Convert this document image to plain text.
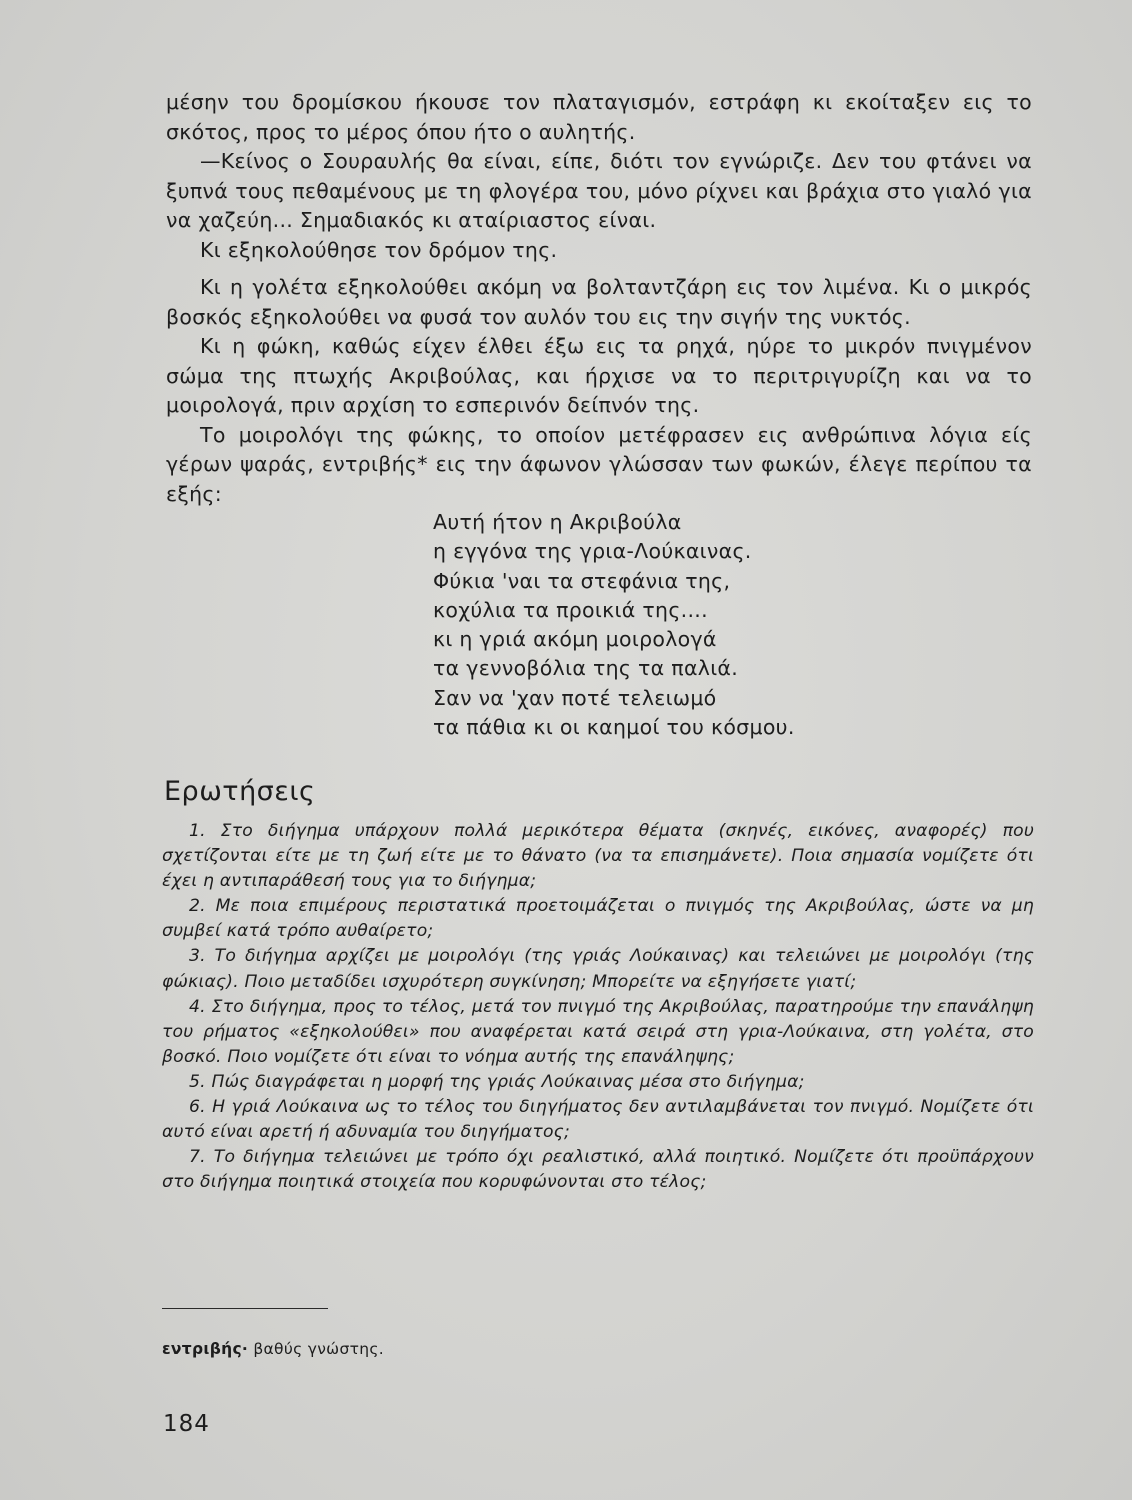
μέσην του δρομίσκου ήκουσε τον πλαταγισμόν, εστράφη κι εκοίταξεν εις το σκότος, προς το μέρος όπου ήτο ο αυλητής.

—Κείνος ο Σουραυλής θα είναι, είπε, διότι τον εγνώριζε. Δεν του φτάνει να ξυπνά τους πεθαμένους με τη φλογέρα του, μόνο ρίχνει και βράχια στο γιαλό για να χαζεύη... Σημαδιακός κι αταίριαστος είναι.

Κι εξηκολούθησε τον δρόμον της.

Κι η γολέτα εξηκολούθει ακόμη να βολταντζάρη εις τον λιμένα. Κι ο μικρός βοσκός εξηκολούθει να φυσά τον αυλόν του εις την σιγήν της νυκτός.

Κι η φώκη, καθώς είχεν έλθει έξω εις τα ρηχά, ηύρε το μικρόν πνιγμένον σώμα της πτωχής Ακριβούλας, και ήρχισε να το περιτριγυρίζη και να το μοιρολογά, πριν αρχίση το εσπερινόν δείπνόν της.

Το μοιρολόγι της φώκης, το οποίον μετέφρασεν εις ανθρώπινα λόγια είς γέρων ψαράς, εντριβής* εις την άφωνον γλώσσαν των φωκών, έλεγε περίπου τα εξής:

Αυτή ήτον η Ακριβούλα
η εγγόνα της γρια-Λούκαινας.
Φύκια 'ναι τα στεφάνια της,
κοχύλια τα προικιά της....
κι η γριά ακόμη μοιρολογά
τα γεννοβόλια της τα παλιά.
Σαν να 'χαν ποτέ τελειωμό
τα πάθια κι οι καημοί του κόσμου.
Ερωτήσεις

1. Στο διήγημα υπάρχουν πολλά μερικότερα θέματα (σκηνές, εικόνες, αναφορές) που σχετίζονται είτε με τη ζωή είτε με το θάνατο (να τα επισημάνετε). Ποια σημασία νομίζετε ότι έχει η αντιπαράθεσή τους για το διήγημα;

2. Με ποια επιμέρους περιστατικά προετοιμάζεται ο πνιγμός της Ακριβούλας, ώστε να μη συμβεί κατά τρόπο αυθαίρετο;

3. Το διήγημα αρχίζει με μοιρολόγι (της γριάς Λούκαινας) και τελειώνει με μοιρολόγι (της φώκιας). Ποιο μεταδίδει ισχυρότερη συγκίνηση; Μπορείτε να εξηγήσετε γιατί;

4. Στο διήγημα, προς το τέλος, μετά τον πνιγμό της Ακριβούλας, παρατηρούμε την επανάληψη του ρήματος «εξηκολούθει» που αναφέρεται κατά σειρά στη γρια-Λούκαινα, στη γολέτα, στο βοσκό. Ποιο νομίζετε ότι είναι το νόημα αυτής της επανάληψης;

5. Πώς διαγράφεται η μορφή της γριάς Λούκαινας μέσα στο διήγημα;

6. Η γριά Λούκαινα ως το τέλος του διηγήματος δεν αντιλαμβάνεται τον πνιγμό. Νομίζετε ότι αυτό είναι αρετή ή αδυναμία του διηγήματος;

7. Το διήγημα τελειώνει με τρόπο όχι ρεαλιστικό, αλλά ποιητικό. Νομίζετε ότι προϋπάρχουν στο διήγημα ποιητικά στοιχεία που κορυφώνονται στο τέλος;

εντριβής· βαθύς γνώστης.
184
